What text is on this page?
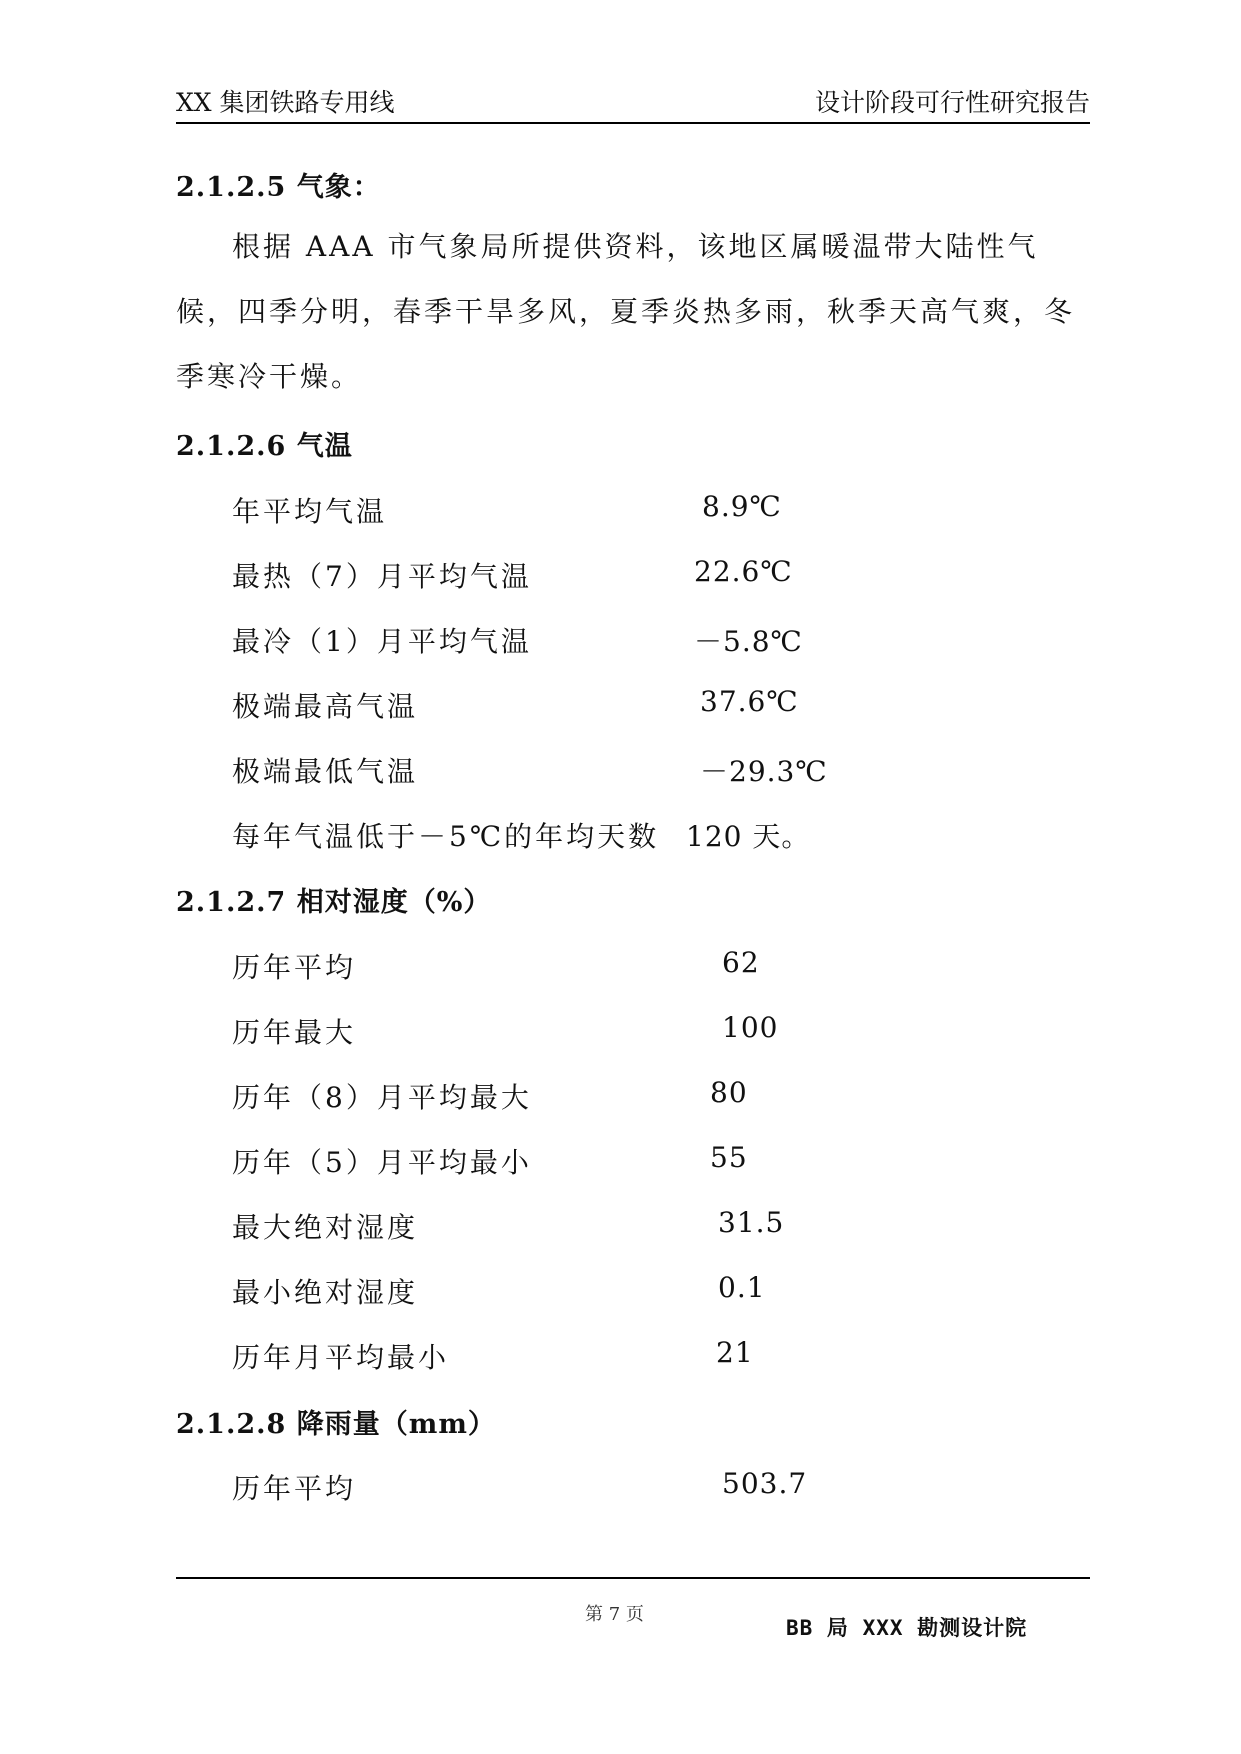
XX 集团铁路专用线	设计阶段可行性研究报告
2.1.2.5 气象：
根据 AAA 市气象局所提供资料，该地区属暖温带大陆性气候，四季分明，春季干旱多风，夏季炎热多雨，秋季天高气爽，冬季寒冷干燥。
2.1.2.6 气温
年平均气温	8.9℃
最热（7）月平均气温	22.6℃
最冷（1）月平均气温	－5.8℃
极端最高气温	37.6℃
极端最低气温	－29.3℃
每年气温低于－5℃的年均天数 120 天。
2.1.2.7 相对湿度（%）
历年平均	62
历年最大	100
历年（8）月平均最大	80
历年（5）月平均最小	55
最大绝对湿度	31.5
最小绝对湿度	0.1
历年月平均最小	21
2.1.2.8 降雨量（mm）
历年平均	503.7
第 7 页
BB 局 XXX 勘测设计院
